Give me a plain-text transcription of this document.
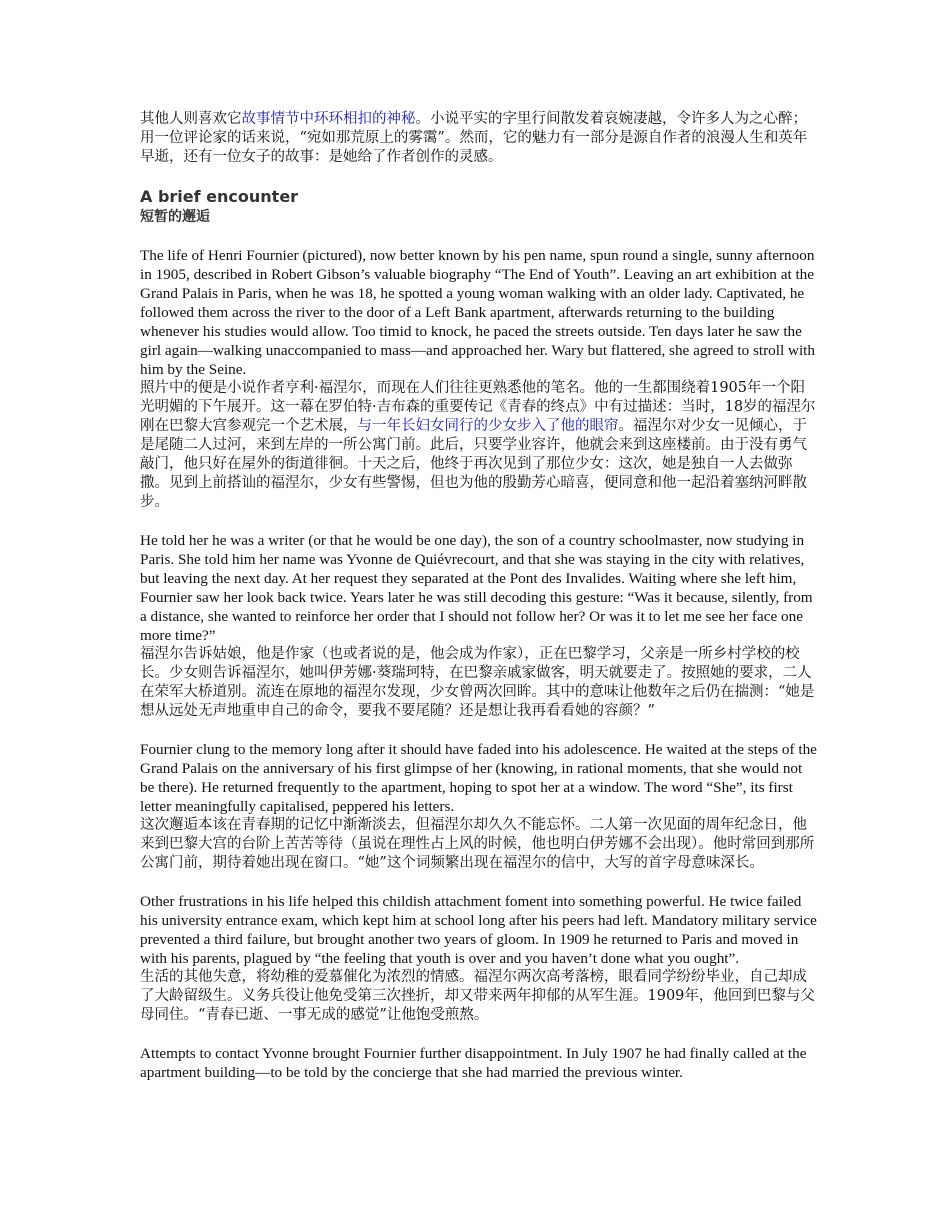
其他人则喜欢它故事情节中环环相扣的神秘。小说平实的字里行间散发着哀婉凄越，令许多人为之心醉；用一位评论家的话来说，“宛如那荒原上的雾霭”。然而，它的魅力有一部分是源自作者的浪漫人生和英年早逝，还有一位女子的故事：是她给了作者创作的灵感。

A brief encounter
短暂的邂逅

The life of Henri Fournier (pictured), now better known by his pen name, spun round a single, sunny afternoon in 1905, described in Robert Gibson’s valuable biography “The End of Youth”. Leaving an art exhibition at the Grand Palais in Paris, when he was 18, he spotted a young woman walking with an older lady. Captivated, he followed them across the river to the door of a Left Bank apartment, afterwards returning to the building whenever his studies would allow. Too timid to knock, he paced the streets outside. Ten days later he saw the girl again—walking unaccompanied to mass—and approached her. Wary but flattered, she agreed to stroll with him by the Seine.

照片中的便是小说作者亨利·福涅尔，而现在人们往往更熟悉他的笔名。他的一生都围绕着1905年一个阳光明媚的下午展开。这一幕在罗伯特·吉布森的重要传记《青春的终点》中有过描述：当时，18岁的福涅尔刚在巴黎大宫参观完一个艺术展，与一年长妇女同行的少女步入了他的眼帘。福涅尔对少女一见倾心，于是尾随二人过河，来到左岸的一所公寓门前。此后，只要学业容许，他就会来到这座楼前。由于没有勇气敲门，他只好在屋外的街道徘徊。十天之后，他终于再次见到了那位少女：这次，她是独自一人去做弥撒。见到上前搭讪的福涅尔，少女有些警惕，但也为他的殷勤芳心暗喜，便同意和他一起沿着塞纳河畔散步。

He told her he was a writer (or that he would be one day), the son of a country schoolmaster, now studying in Paris. She told him her name was Yvonne de Quiévrecourt, and that she was staying in the city with relatives, but leaving the next day. At her request they separated at the Pont des Invalides. Waiting where she left him, Fournier saw her look back twice. Years later he was still decoding this gesture: “Was it because, silently, from a distance, she wanted to reinforce her order that I should not follow her? Or was it to let me see her face one more time?”

福涅尔告诉姑娘，他是作家（也或者说的是，他会成为作家），正在巴黎学习，父亲是一所乡村学校的校长。少女则告诉福涅尔，她叫伊芳娜·葵瑞珂特，在巴黎亲戚家做客，明天就要走了。按照她的要求，二人在荣军大桥道别。流连在原地的福涅尔发现，少女曾两次回眸。其中的意味让他数年之后仍在揣测：“她是想从远处无声地重申自己的命令，要我不要尾随？还是想让我再看看她的容颜？”

Fournier clung to the memory long after it should have faded into his adolescence. He waited at the steps of the Grand Palais on the anniversary of his first glimpse of her (knowing, in rational moments, that she would not be there). He returned frequently to the apartment, hoping to spot her at a window. The word “She”, its first letter meaningfully capitalised, peppered his letters.

这次邂逅本该在青春期的记忆中渐渐淡去，但福涅尔却久久不能忘怀。二人第一次见面的周年纪念日，他来到巴黎大宫的台阶上苦苦等待（虽说在理性占上风的时候，他也明白伊芳娜不会出现）。他时常回到那所公寓门前，期待着她出现在窗口。“她”这个词频繁出现在福涅尔的信中，大写的首字母意味深长。

Other frustrations in his life helped this childish attachment foment into something powerful. He twice failed his university entrance exam, which kept him at school long after his peers had left. Mandatory military service prevented a third failure, but brought another two years of gloom. In 1909 he returned to Paris and moved in with his parents, plagued by “the feeling that youth is over and you haven’t done what you ought”.

生活的其他失意，将幼稚的爱慕催化为浓烈的情感。福涅尔两次高考落榜，眼看同学纷纷毕业，自己却成了大龄留级生。义务兵役让他免受第三次挫折，却又带来两年抑郁的从军生涯。1909年，他回到巴黎与父母同住。“青春已逝、一事无成的感觉”让他饱受煎熬。

Attempts to contact Yvonne brought Fournier further disappointment. In July 1907 he had finally called at the apartment building—to be told by the concierge that she had married the previous winter.
